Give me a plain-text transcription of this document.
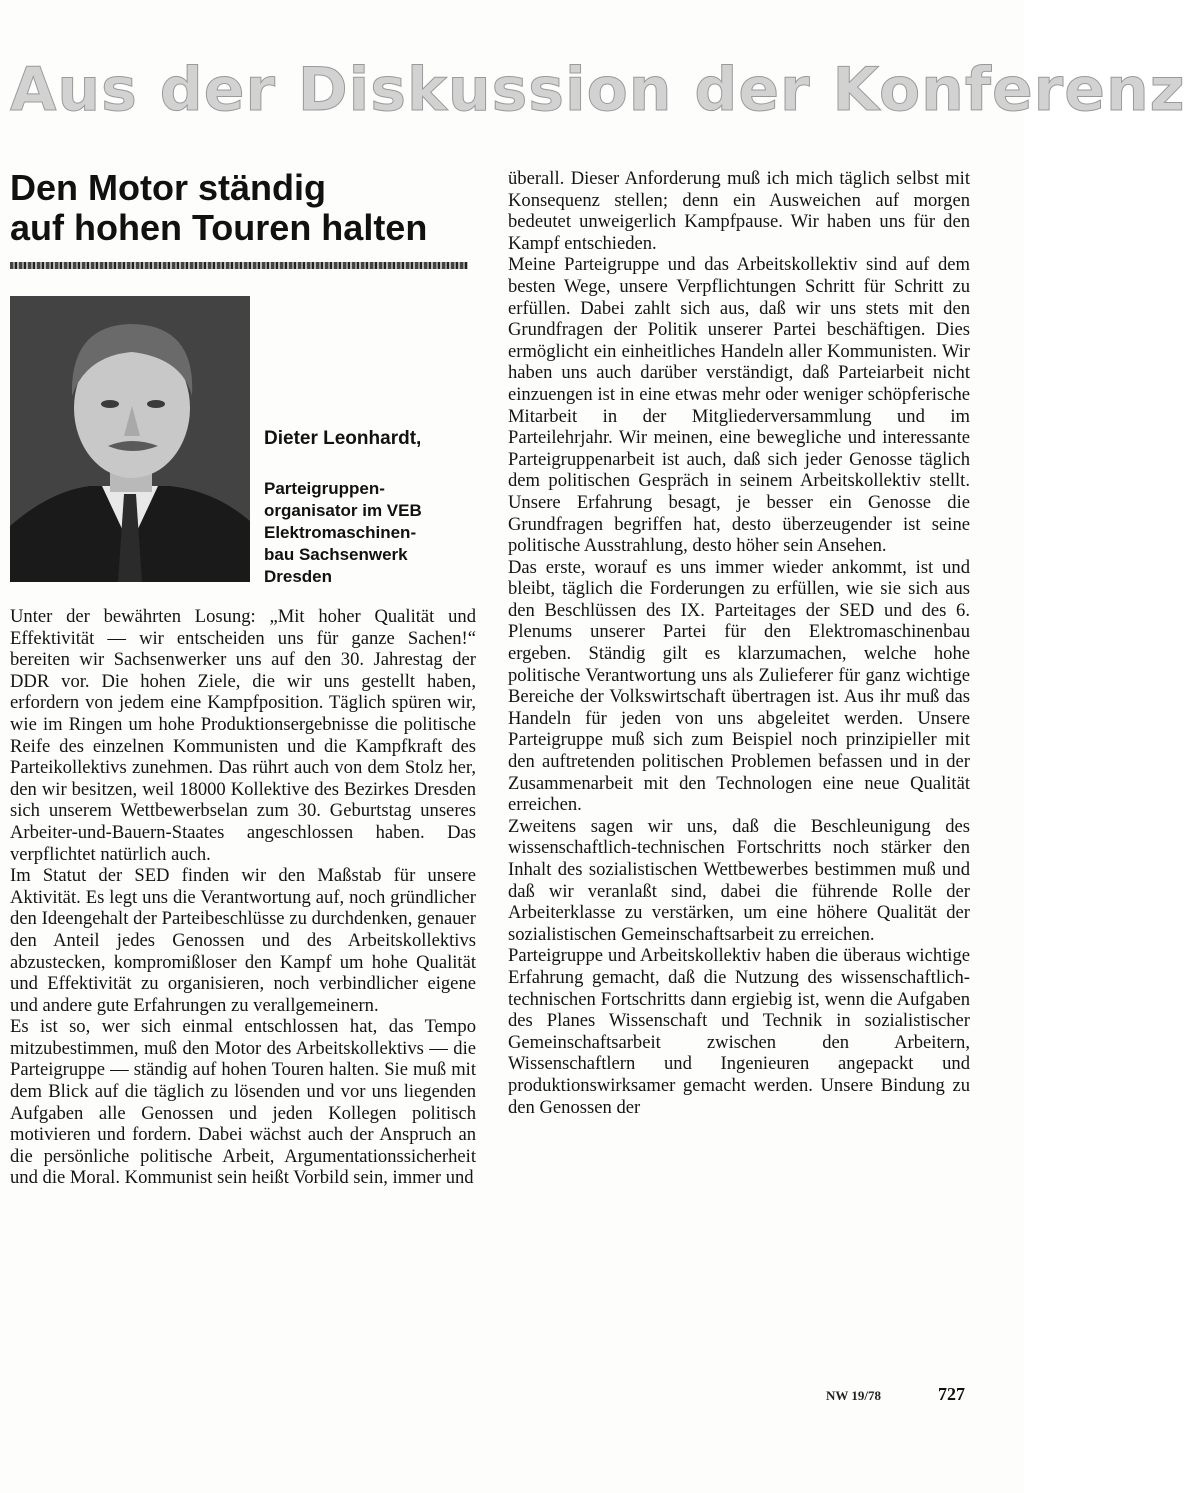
Aus der Diskussion der Konferenz
Den Motor ständig
auf hohen Touren halten
Dieter Leonhardt,
Parteigruppen-
organisator im VEB
Elektromaschinen-
bau Sachsenwerk
Dresden

Unter der bewährten Losung: „Mit hoher Qualität und Effektivität — wir entscheiden uns für ganze Sachen!“ bereiten wir Sachsenwerker uns auf den 30. Jahrestag der DDR vor. Die hohen Ziele, die wir uns gestellt haben, erfordern von jedem eine Kampfposition. Täglich spüren wir, wie im Ringen um hohe Produktionsergebnisse die politische Reife des einzelnen Kommunisten und die Kampfkraft des Parteikollektivs zunehmen. Das rührt auch von dem Stolz her, den wir besitzen, weil 18000 Kollektive des Bezirkes Dresden sich unserem Wettbewerbselan zum 30. Geburtstag unseres Arbeiter-und-Bauern-Staates angeschlossen haben. Das verpflichtet natürlich auch.

Im Statut der SED finden wir den Maßstab für unsere Aktivität. Es legt uns die Verantwortung auf, noch gründlicher den Ideengehalt der Parteibeschlüsse zu durchdenken, genauer den Anteil jedes Genossen und des Arbeitskollektivs abzustecken, kompromißloser den Kampf um hohe Qualität und Effektivität zu organisieren, noch verbindlicher eigene und andere gute Erfahrungen zu verallgemeinern.

Es ist so, wer sich einmal entschlossen hat, das Tempo mitzubestimmen, muß den Motor des Arbeitskollektivs — die Parteigruppe — ständig auf hohen Touren halten. Sie muß mit dem Blick auf die täglich zu lösenden und vor uns liegenden Aufgaben alle Genossen und jeden Kollegen politisch motivieren und fordern. Dabei wächst auch der Anspruch an die persönliche politische Arbeit, Argumentationssicherheit und die Moral. Kommunist sein heißt Vorbild sein, immer und

überall. Dieser Anforderung muß ich mich täglich selbst mit Konsequenz stellen; denn ein Ausweichen auf morgen bedeutet unweigerlich Kampfpause. Wir haben uns für den Kampf entschieden.

Meine Parteigruppe und das Arbeitskollektiv sind auf dem besten Wege, unsere Verpflichtungen Schritt für Schritt zu erfüllen. Dabei zahlt sich aus, daß wir uns stets mit den Grundfragen der Politik unserer Partei beschäftigen. Dies ermöglicht ein einheitliches Handeln aller Kommunisten. Wir haben uns auch darüber verständigt, daß Parteiarbeit nicht einzuengen ist in eine etwas mehr oder weniger schöpferische Mitarbeit in der Mitgliederversammlung und im Parteilehrjahr. Wir meinen, eine bewegliche und interessante Parteigruppenarbeit ist auch, daß sich jeder Genosse täglich dem politischen Gespräch in seinem Arbeitskollektiv stellt. Unsere Erfahrung besagt, je besser ein Genosse die Grundfragen begriffen hat, desto überzeugender ist seine politische Ausstrahlung, desto höher sein Ansehen.

Das erste, worauf es uns immer wieder ankommt, ist und bleibt, täglich die Forderungen zu erfüllen, wie sie sich aus den Beschlüssen des IX. Parteitages der SED und des 6. Plenums unserer Partei für den Elektromaschinenbau ergeben. Ständig gilt es klarzumachen, welche hohe politische Verantwortung uns als Zulieferer für ganz wichtige Bereiche der Volkswirtschaft übertragen ist. Aus ihr muß das Handeln für jeden von uns abgeleitet werden. Unsere Parteigruppe muß sich zum Beispiel noch prinzipieller mit den auftretenden politischen Problemen befassen und in der Zusammenarbeit mit den Technologen eine neue Qualität erreichen.

Zweitens sagen wir uns, daß die Beschleunigung des wissenschaftlich-technischen Fortschritts noch stärker den Inhalt des sozialistischen Wettbewerbes bestimmen muß und daß wir veranlaßt sind, dabei die führende Rolle der Arbeiterklasse zu verstärken, um eine höhere Qualität der sozialistischen Gemeinschaftsarbeit zu erreichen.

Parteigruppe und Arbeitskollektiv haben die überaus wichtige Erfahrung gemacht, daß die Nutzung des wissenschaftlich-technischen Fortschritts dann ergiebig ist, wenn die Aufgaben des Planes Wissenschaft und Technik in sozialistischer Gemeinschaftsarbeit zwischen den Arbeitern, Wissenschaftlern und Ingenieuren angepackt und produktionswirksamer gemacht werden. Unsere Bindung zu den Genossen der

NW 19/78	727
